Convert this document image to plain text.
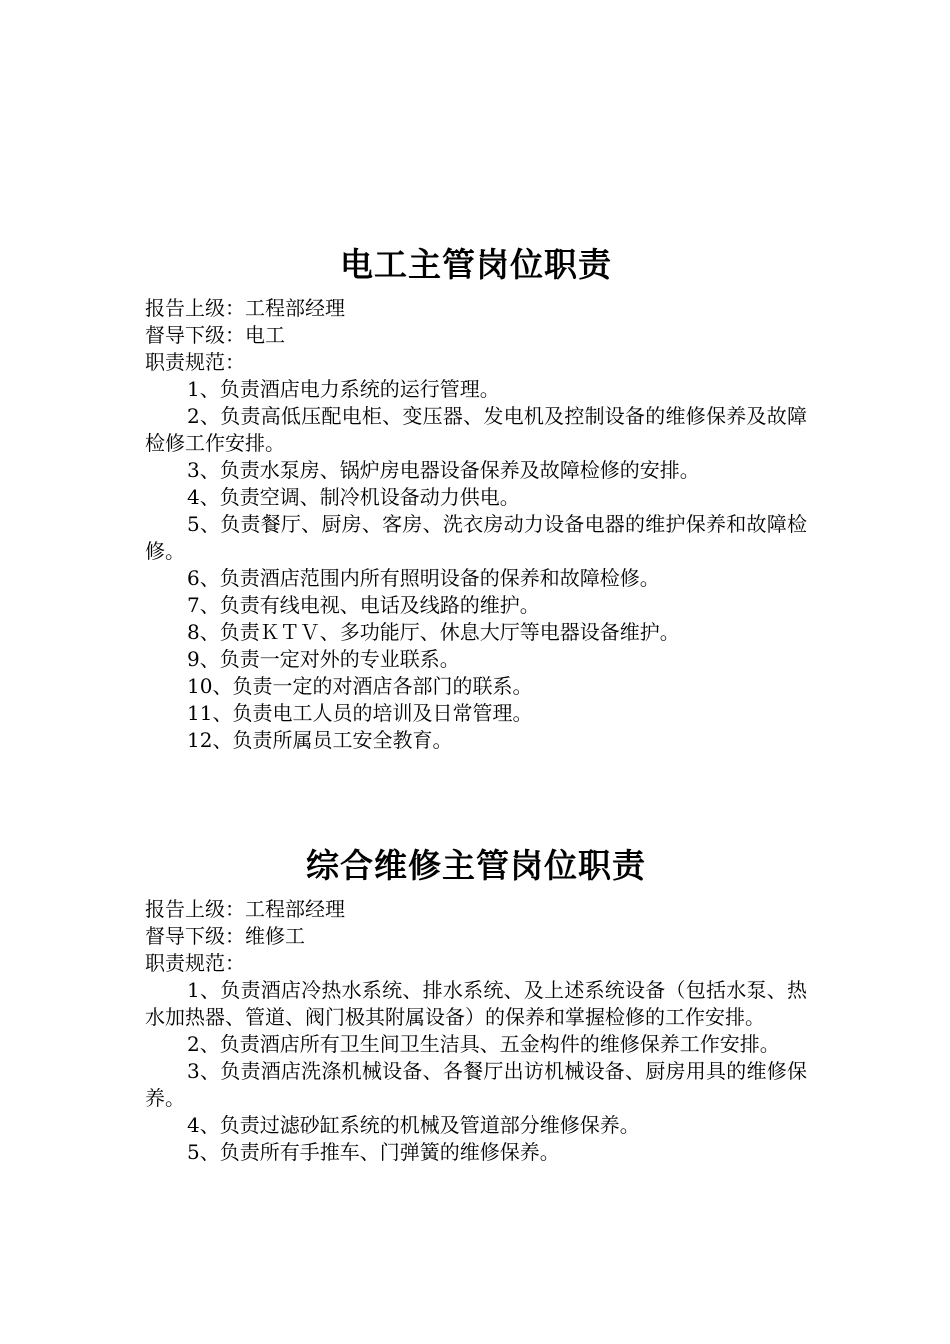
电工主管岗位职责

报告上级：工程部经理

督导下级：电工

职责规范：

1、负责酒店电力系统的运行管理。

2、负责高低压配电柜、变压器、发电机及控制设备的维修保养及故障检修工作安排。

3、负责水泵房、锅炉房电器设备保养及故障检修的安排。

4、负责空调、制冷机设备动力供电。

5、负责餐厅、厨房、客房、洗衣房动力设备电器的维护保养和故障检修。

6、负责酒店范围内所有照明设备的保养和故障检修。

7、负责有线电视、电话及线路的维护。

8、负责ＫＴＶ、多功能厅、休息大厅等电器设备维护。

9、负责一定对外的专业联系。

10、负责一定的对酒店各部门的联系。

11、负责电工人员的培训及日常管理。

12、负责所属员工安全教育。

综合维修主管岗位职责

报告上级：工程部经理

督导下级：维修工

职责规范：

1、负责酒店冷热水系统、排水系统、及上述系统设备（包括水泵、热水加热器、管道、阀门极其附属设备）的保养和掌握检修的工作安排。

2、负责酒店所有卫生间卫生洁具、五金构件的维修保养工作安排。

3、负责酒店洗涤机械设备、各餐厅出访机械设备、厨房用具的维修保养。

4、负责过滤砂缸系统的机械及管道部分维修保养。

5、负责所有手推车、门弹簧的维修保养。
